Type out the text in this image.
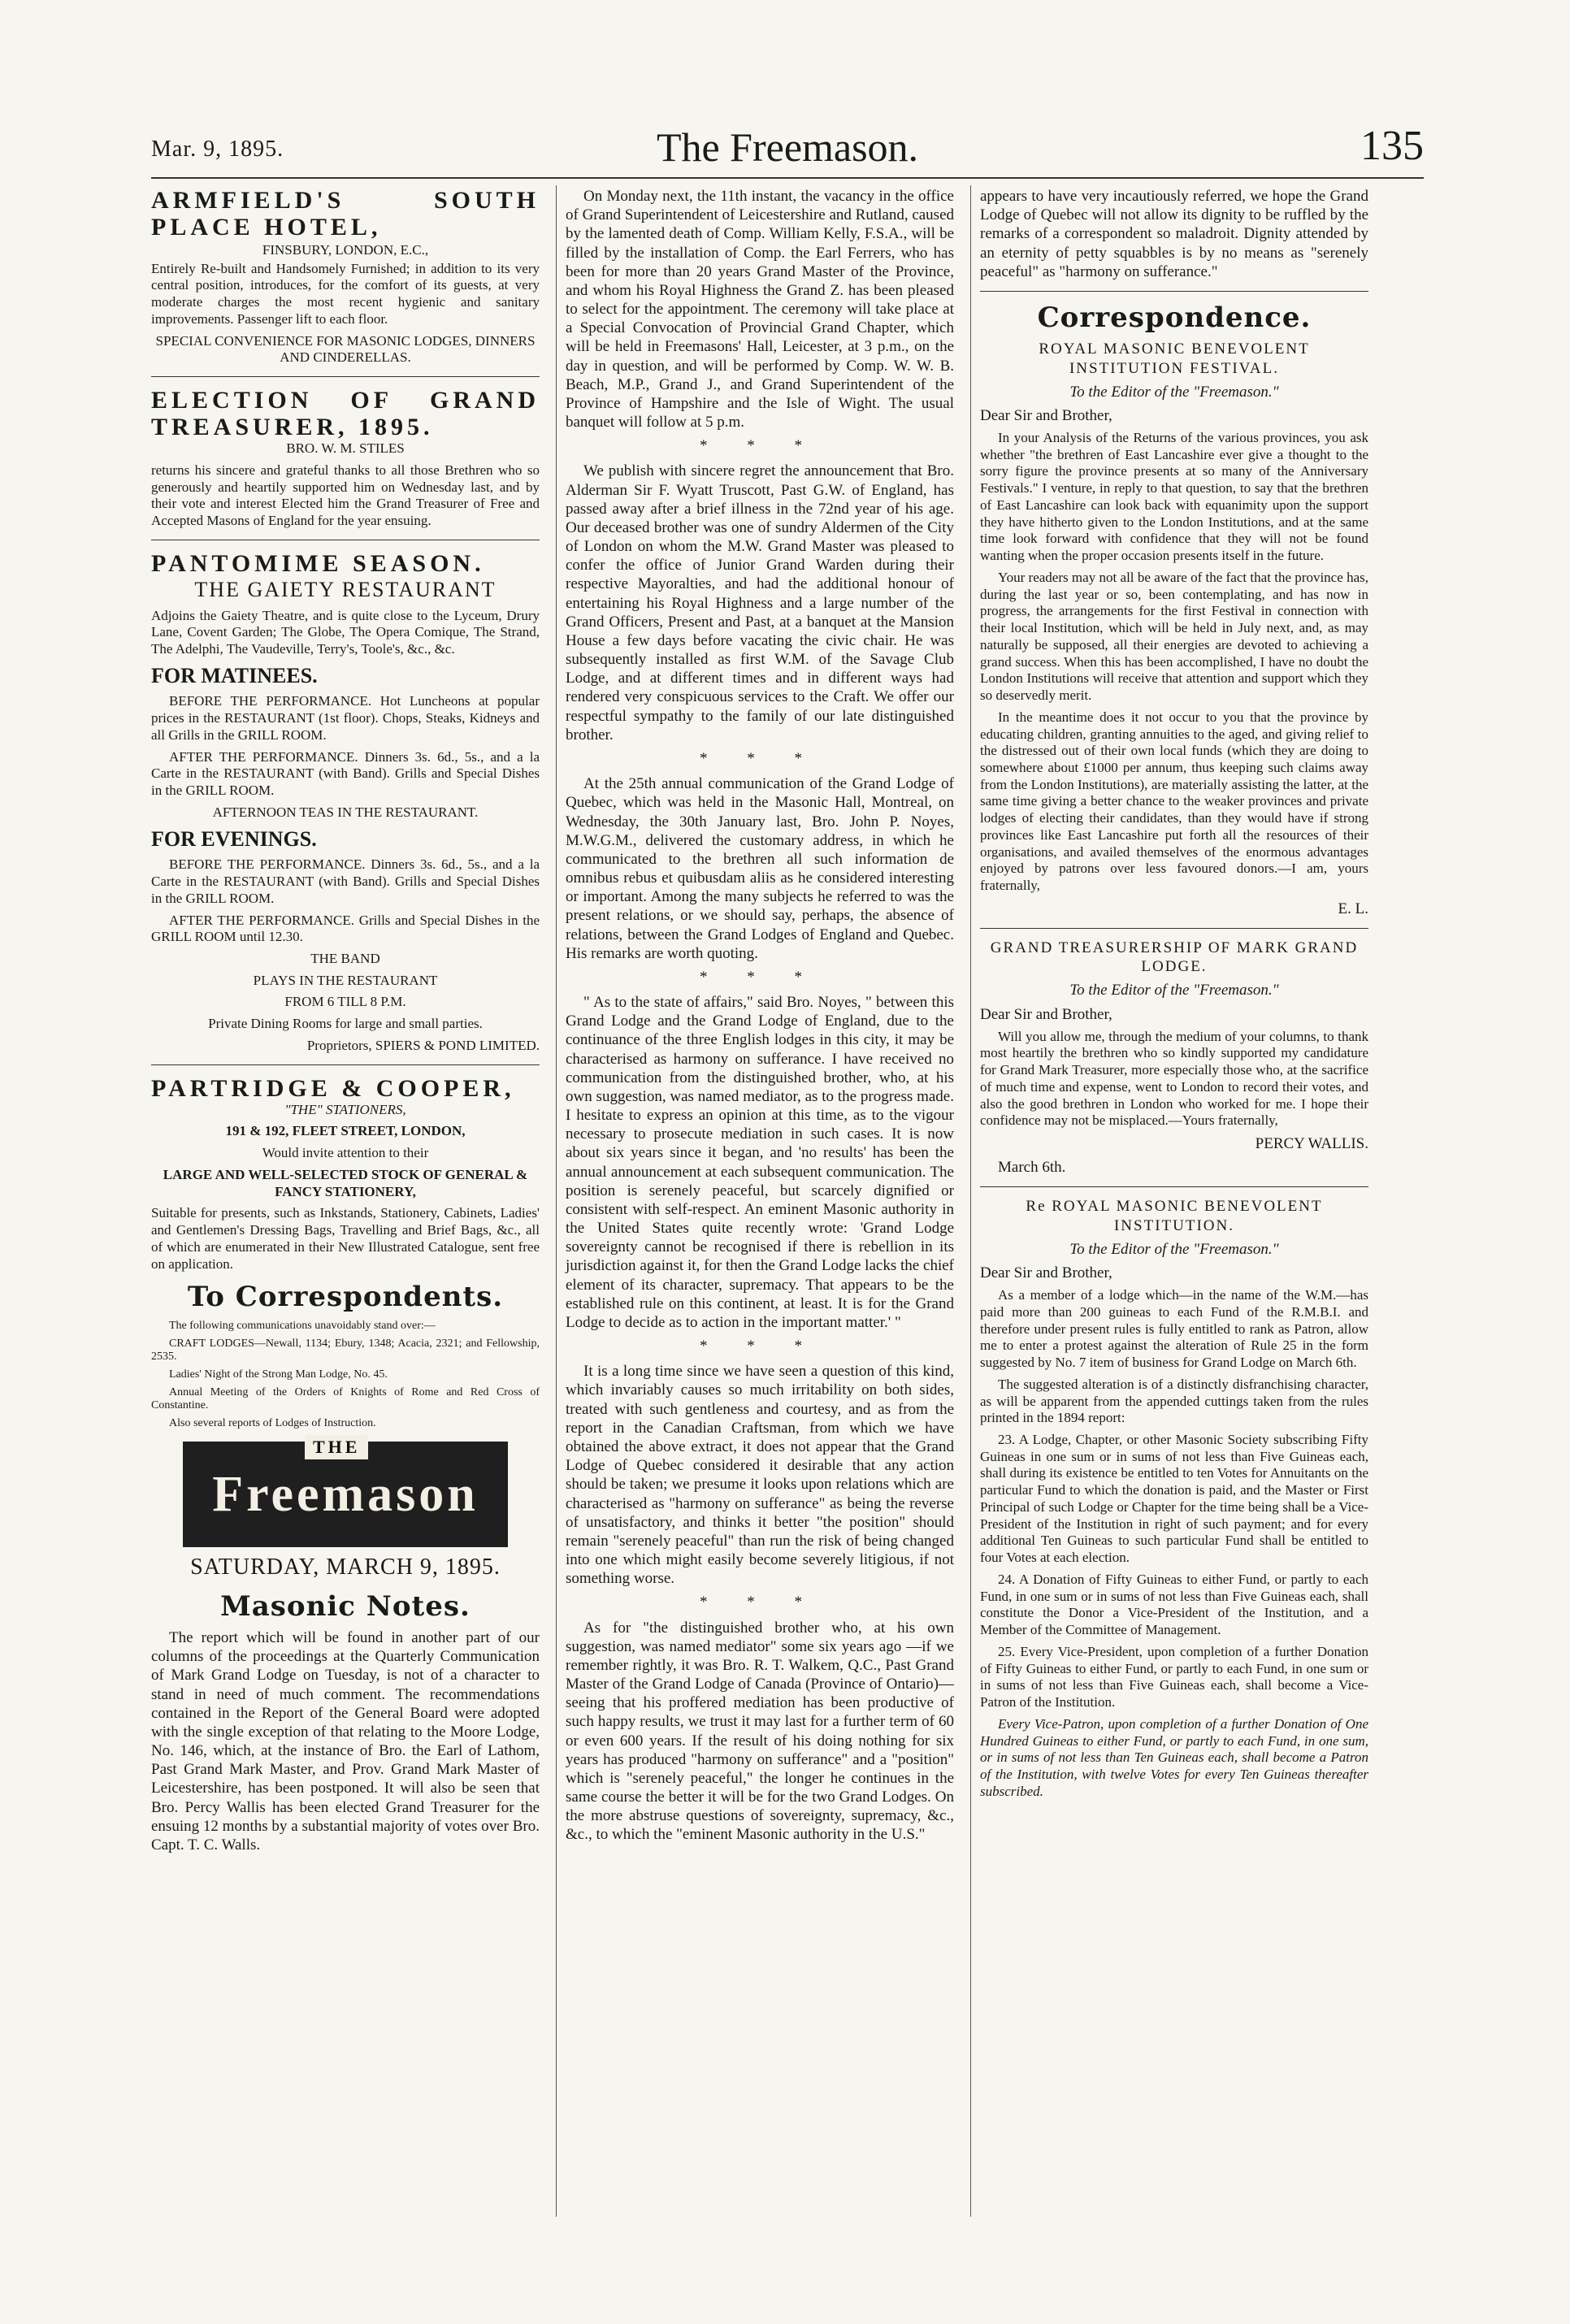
Mar. 9, 1895.	The Freemason.	135

ARMFIELD'S SOUTH PLACE HOTEL,

FINSBURY, LONDON, E.C.,

Entirely Re-built and Handsomely Furnished; in addition to its very central position, introduces, for the comfort of its guests, at very moderate charges the most recent hygienic and sanitary improvements. Passenger lift to each floor.

SPECIAL CONVENIENCE FOR MASONIC LODGES, DINNERS AND CINDERELLAS.

ELECTION OF GRAND TREASURER, 1895.

BRO. W. M. STILES

returns his sincere and grateful thanks to all those Brethren who so generously and heartily supported him on Wednesday last, and by their vote and interest Elected him the Grand Treasurer of Free and Accepted Masons of England for the year ensuing.

PANTOMIME SEASON.

THE GAIETY RESTAURANT

Adjoins the Gaiety Theatre, and is quite close to the Lyceum, Drury Lane, Covent Garden; The Globe, The Opera Comique, The Strand, The Adelphi, The Vaudeville, Terry's, Toole's, &c., &c.

FOR MATINEES.

BEFORE THE PERFORMANCE. Hot Luncheons at popular prices in the RESTAURANT (1st floor). Chops, Steaks, Kidneys and all Grills in the GRILL ROOM.

AFTER THE PERFORMANCE. Dinners 3s. 6d., 5s., and a la Carte in the RESTAURANT (with Band). Grills and Special Dishes in the GRILL ROOM.

AFTERNOON TEAS IN THE RESTAURANT.

FOR EVENINGS.

BEFORE THE PERFORMANCE. Dinners 3s. 6d., 5s., and a la Carte in the RESTAURANT (with Band). Grills and Special Dishes in the GRILL ROOM.

AFTER THE PERFORMANCE. Grills and Special Dishes in the GRILL ROOM until 12.30.

THE BAND

PLAYS IN THE RESTAURANT

FROM 6 TILL 8 P.M.

Private Dining Rooms for large and small parties.

Proprietors, SPIERS & POND LIMITED.

PARTRIDGE & COOPER,

"THE" STATIONERS,

191 & 192, FLEET STREET, LONDON,

Would invite attention to their

LARGE AND WELL-SELECTED STOCK OF GENERAL & FANCY STATIONERY,

Suitable for presents, such as Inkstands, Stationery, Cabinets, Ladies' and Gentlemen's Dressing Bags, Travelling and Brief Bags, &c., all of which are enumerated in their New Illustrated Catalogue, sent free on application.

To Correspondents.

The following communications unavoidably stand over:—

CRAFT LODGES—Newall, 1134; Ebury, 1348; Acacia, 2321; and Fellowship, 2535.

Ladies' Night of the Strong Man Lodge, No. 45.

Annual Meeting of the Orders of Knights of Rome and Red Cross of Constantine.

Also several reports of Lodges of Instruction.

THE
Freemason
SATURDAY, MARCH 9, 1895.
Masonic Notes.

The report which will be found in another part of our columns of the proceedings at the Quarterly Communication of Mark Grand Lodge on Tuesday, is not of a character to stand in need of much comment. The recommendations contained in the Report of the General Board were adopted with the single exception of that relating to the Moore Lodge, No. 146, which, at the instance of Bro. the Earl of Lathom, Past Grand Mark Master, and Prov. Grand Mark Master of Leicestershire, has been postponed. It will also be seen that Bro. Percy Wallis has been elected Grand Treasurer for the ensuing 12 months by a substantial majority of votes over Bro. Capt. T. C. Walls.

On Monday next, the 11th instant, the vacancy in the office of Grand Superintendent of Leicestershire and Rutland, caused by the lamented death of Comp. William Kelly, F.S.A., will be filled by the installation of Comp. the Earl Ferrers, who has been for more than 20 years Grand Master of the Province, and whom his Royal Highness the Grand Z. has been pleased to select for the appointment. The ceremony will take place at a Special Convocation of Provincial Grand Chapter, which will be held in Freemasons' Hall, Leicester, at 3 p.m., on the day in question, and will be performed by Comp. W. W. B. Beach, M.P., Grand J., and Grand Superintendent of the Province of Hampshire and the Isle of Wight. The usual banquet will follow at 5 p.m.

* * *

We publish with sincere regret the announcement that Bro. Alderman Sir F. Wyatt Truscott, Past G.W. of England, has passed away after a brief illness in the 72nd year of his age. Our deceased brother was one of sundry Aldermen of the City of London on whom the M.W. Grand Master was pleased to confer the office of Junior Grand Warden during their respective Mayoralties, and had the additional honour of entertaining his Royal Highness and a large number of the Grand Officers, Present and Past, at a banquet at the Mansion House a few days before vacating the civic chair. He was subsequently installed as first W.M. of the Savage Club Lodge, and at different times and in different ways had rendered very conspicuous services to the Craft. We offer our respectful sympathy to the family of our late distinguished brother.

* * *

At the 25th annual communication of the Grand Lodge of Quebec, which was held in the Masonic Hall, Montreal, on Wednesday, the 30th January last, Bro. John P. Noyes, M.W.G.M., delivered the customary address, in which he communicated to the brethren all such information de omnibus rebus et quibusdam aliis as he considered interesting or important. Among the many subjects he referred to was the present relations, or we should say, perhaps, the absence of relations, between the Grand Lodges of England and Quebec. His remarks are worth quoting.

* * *

" As to the state of affairs," said Bro. Noyes, " between this Grand Lodge and the Grand Lodge of England, due to the continuance of the three English lodges in this city, it may be characterised as harmony on sufferance. I have received no communication from the distinguished brother, who, at his own suggestion, was named mediator, as to the progress made. I hesitate to express an opinion at this time, as to the vigour necessary to prosecute mediation in such cases. It is now about six years since it began, and 'no results' has been the annual announcement at each subsequent communication. The position is serenely peaceful, but scarcely dignified or consistent with self-respect. An eminent Masonic authority in the United States quite recently wrote: 'Grand Lodge sovereignty cannot be recognised if there is rebellion in its jurisdiction against it, for then the Grand Lodge lacks the chief element of its character, supremacy. That appears to be the established rule on this continent, at least. It is for the Grand Lodge to decide as to action in the important matter.' "

* * *

It is a long time since we have seen a question of this kind, which invariably causes so much irritability on both sides, treated with such gentleness and courtesy, and as from the report in the Canadian Craftsman, from which we have obtained the above extract, it does not appear that the Grand Lodge of Quebec considered it desirable that any action should be taken; we presume it looks upon relations which are characterised as "harmony on sufferance" as being the reverse of unsatisfactory, and thinks it better "the position" should remain "serenely peaceful" than run the risk of being changed into one which might easily become severely litigious, if not something worse.

* * *

As for "the distinguished brother who, at his own suggestion, was named mediator" some six years ago —if we remember rightly, it was Bro. R. T. Walkem, Q.C., Past Grand Master of the Grand Lodge of Canada (Province of Ontario)—seeing that his proffered mediation has been productive of such happy results, we trust it may last for a further term of 60 or even 600 years. If the result of his doing nothing for six years has produced "harmony on sufferance" and a "position" which is "serenely peaceful," the longer he continues in the same course the better it will be for the two Grand Lodges. On the more abstruse questions of sovereignty, supremacy, &c., &c., to which the "eminent Masonic authority in the U.S."

appears to have very incautiously referred, we hope the Grand Lodge of Quebec will not allow its dignity to be ruffled by the remarks of a correspondent so maladroit. Dignity attended by an eternity of petty squabbles is by no means as "serenely peaceful" as "harmony on sufferance."

Correspondence.

ROYAL MASONIC BENEVOLENT INSTITUTION FESTIVAL.

To the Editor of the "Freemason."

Dear Sir and Brother,

In your Analysis of the Returns of the various provinces, you ask whether "the brethren of East Lancashire ever give a thought to the sorry figure the province presents at so many of the Anniversary Festivals." I venture, in reply to that question, to say that the brethren of East Lancashire can look back with equanimity upon the support they have hitherto given to the London Institutions, and at the same time look forward with confidence that they will not be found wanting when the proper occasion presents itself in the future.

Your readers may not all be aware of the fact that the province has, during the last year or so, been contemplating, and has now in progress, the arrangements for the first Festival in connection with their local Institution, which will be held in July next, and, as may naturally be supposed, all their energies are devoted to achieving a grand success. When this has been accomplished, I have no doubt the London Institutions will receive that attention and support which they so deservedly merit.

In the meantime does it not occur to you that the province by educating children, granting annuities to the aged, and giving relief to the distressed out of their own local funds (which they are doing to somewhere about £1000 per annum, thus keeping such claims away from the London Institutions), are materially assisting the latter, at the same time giving a better chance to the weaker provinces and private lodges of electing their candidates, than they would have if strong provinces like East Lancashire put forth all the resources of their organisations, and availed themselves of the enormous advantages enjoyed by patrons over less favoured donors.—I am, yours fraternally,

E. L.

GRAND TREASURERSHIP OF MARK GRAND LODGE.

To the Editor of the "Freemason."

Dear Sir and Brother,

Will you allow me, through the medium of your columns, to thank most heartily the brethren who so kindly supported my candidature for Grand Mark Treasurer, more especially those who, at the sacrifice of much time and expense, went to London to record their votes, and also the good brethren in London who worked for me. I hope their confidence may not be misplaced.—Yours fraternally,

PERCY WALLIS.

March 6th.

Re ROYAL MASONIC BENEVOLENT INSTITUTION.

To the Editor of the "Freemason."

Dear Sir and Brother,

As a member of a lodge which—in the name of the W.M.—has paid more than 200 guineas to each Fund of the R.M.B.I. and therefore under present rules is fully entitled to rank as Patron, allow me to enter a protest against the alteration of Rule 25 in the form suggested by No. 7 item of business for Grand Lodge on March 6th.

The suggested alteration is of a distinctly disfranchising character, as will be apparent from the appended cuttings taken from the rules printed in the 1894 report:

23. A Lodge, Chapter, or other Masonic Society subscribing Fifty Guineas in one sum or in sums of not less than Five Guineas each, shall during its existence be entitled to ten Votes for Annuitants on the particular Fund to which the donation is paid, and the Master or First Principal of such Lodge or Chapter for the time being shall be a Vice-President of the Institution in right of such payment; and for every additional Ten Guineas to such particular Fund shall be entitled to four Votes at each election.

24. A Donation of Fifty Guineas to either Fund, or partly to each Fund, in one sum or in sums of not less than Five Guineas each, shall constitute the Donor a Vice-President of the Institution, and a Member of the Committee of Management.

25. Every Vice-President, upon completion of a further Donation of Fifty Guineas to either Fund, or partly to each Fund, in one sum or in sums of not less than Five Guineas each, shall become a Vice-Patron of the Institution.

Every Vice-Patron, upon completion of a further Donation of One Hundred Guineas to either Fund, or partly to each Fund, in one sum, or in sums of not less than Ten Guineas each, shall become a Patron of the Institution, with twelve Votes for every Ten Guineas thereafter subscribed.
